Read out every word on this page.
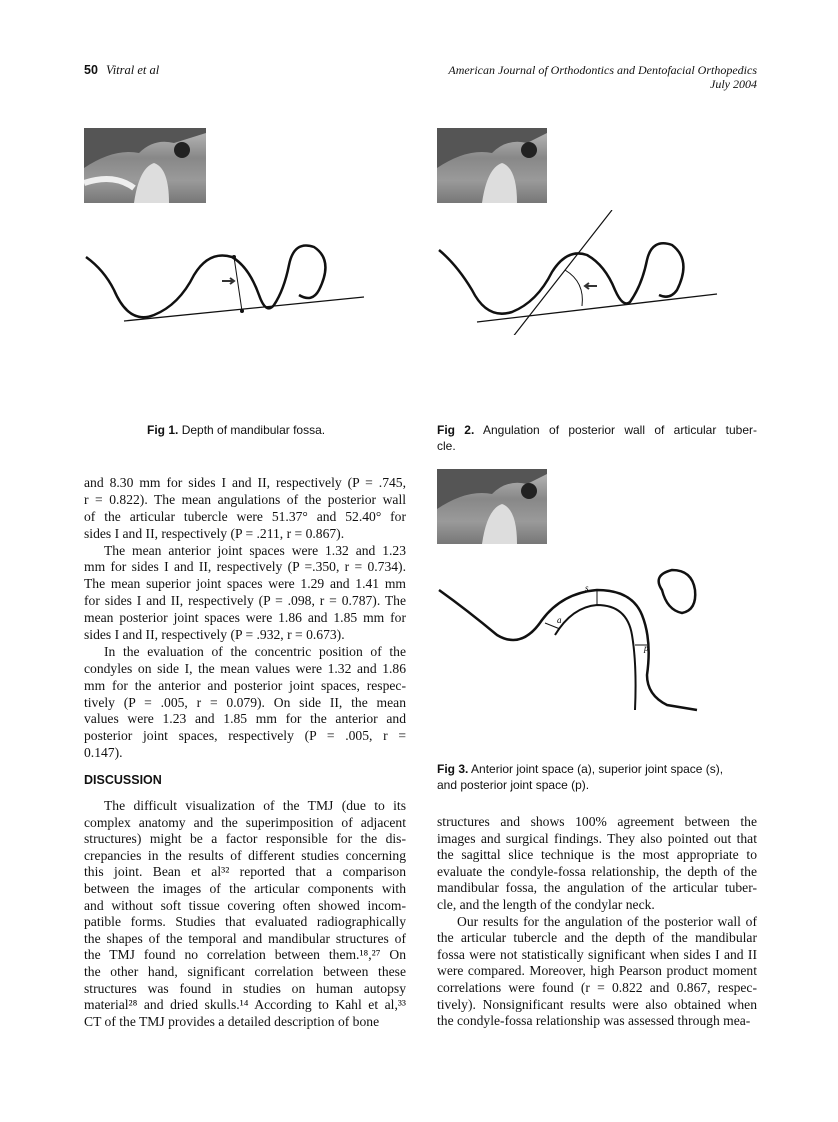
50 Vitral et al	American Journal of Orthodontics and Dentofacial Orthopedics
July 2004
Fig 1. Depth of mandibular fossa.	Fig 2. Angulation of posterior wall of articular tuber-
cle.
a
s
p
Fig 3. Anterior joint space (a), superior joint space (s),
and posterior joint space (p).
and 8.30 mm for sides I and II, respectively (P = .745,
r = 0.822). The mean angulations of the posterior wall
of the articular tubercle were 51.37° and 52.40° for
sides I and II, respectively (P = .211, r = 0.867).
The mean anterior joint spaces were 1.32 and 1.23
mm for sides I and II, respectively (P =.350, r = 0.734).
The mean superior joint spaces were 1.29 and 1.41 mm
for sides I and II, respectively (P = .098, r = 0.787). The
mean posterior joint spaces were 1.86 and 1.85 mm for
sides I and II, respectively (P = .932, r = 0.673).
In the evaluation of the concentric position of the
condyles on side I, the mean values were 1.32 and 1.86
mm for the anterior and posterior joint spaces, respec-
tively (P = .005, r = 0.079). On side II, the mean
values were 1.23 and 1.85 mm for the anterior and
posterior joint spaces, respectively (P = .005, r =
0.147).
DISCUSSION
The difficult visualization of the TMJ (due to its
complex anatomy and the superimposition of adjacent
structures) might be a factor responsible for the dis-
crepancies in the results of different studies concerning
this joint. Bean et al³² reported that a comparison
between the images of the articular components with
and without soft tissue covering often showed incom-
patible forms. Studies that evaluated radiographically
the shapes of the temporal and mandibular structures of
the TMJ found no correlation between them.¹⁸,²⁷ On
the other hand, significant correlation between these
structures was found in studies on human autopsy
material²⁸ and dried skulls.¹⁴ According to Kahl et al,³³
CT of the TMJ provides a detailed description of bone
structures and shows 100% agreement between the
images and surgical findings. They also pointed out that
the sagittal slice technique is the most appropriate to
evaluate the condyle-fossa relationship, the depth of the
mandibular fossa, the angulation of the articular tuber-
cle, and the length of the condylar neck.
Our results for the angulation of the posterior wall of
the articular tubercle and the depth of the mandibular
fossa were not statistically significant when sides I and II
were compared. Moreover, high Pearson product moment
correlations were found (r = 0.822 and 0.867, respec-
tively). Nonsignificant results were also obtained when
the condyle-fossa relationship was assessed through mea-
